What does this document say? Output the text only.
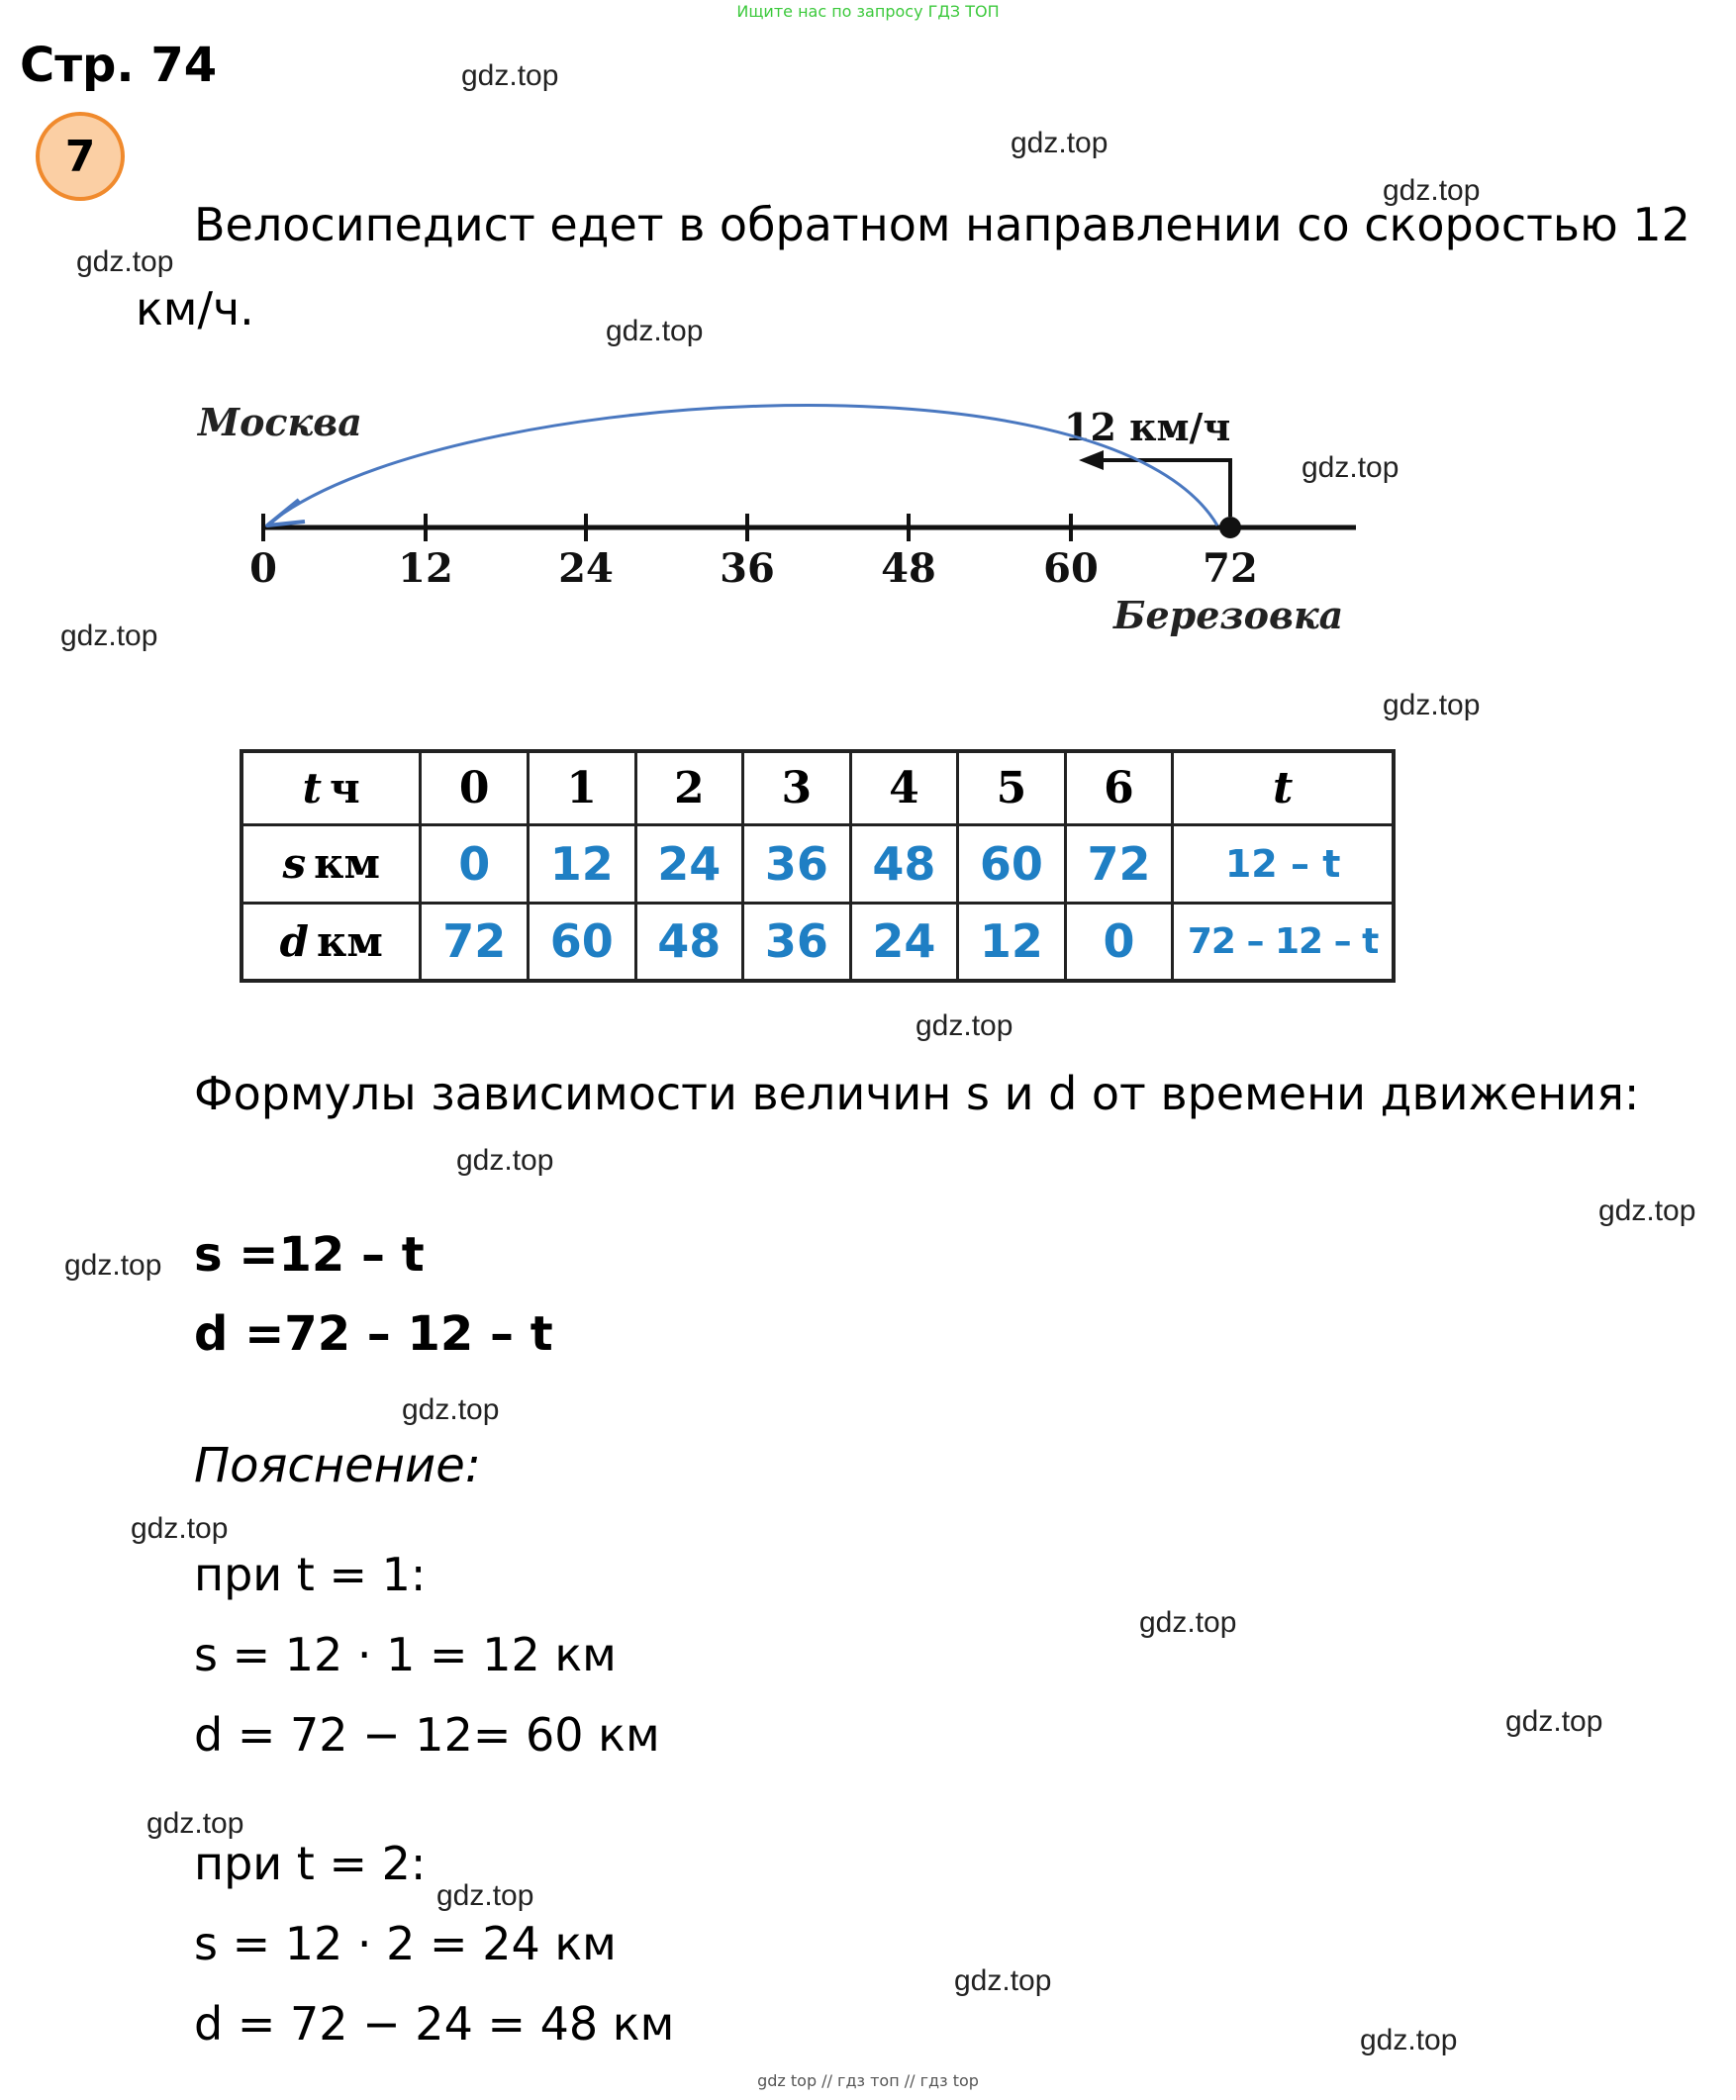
Ищите нас по запросу ГДЗ ТОП
Стр. 74
7
Велосипедист едет в обратном направлении со скоростью 12
км/ч.
12 км/ч
Москва
Березовка
0	12	24	36	48	60	72
t ч	0	1	2	3	4	5	6	t
s км	0	12	24	36	48	60	72	12 – t
d км	72	60	48	36	24	12	0	72 – 12 – t
Формулы зависимости величин s и d от времени движения:
s =12 – t
d =72 – 12 – t
Пояснение:
при t = 1:
s = 12 · 1 = 12 км
d = 72 − 12= 60 км
при t = 2:
s = 12 · 2 = 24 км
d = 72 − 24 = 48 км
gdz.top
gdz.top
gdz.top
gdz.top
gdz.top
gdz.top
gdz.top
gdz.top
gdz.top
gdz.top
gdz.top
gdz.top
gdz.top
gdz.top
gdz.top
gdz.top
gdz.top
gdz.top
gdz.top
gdz.top
gdz top // гдз топ // гдз top
